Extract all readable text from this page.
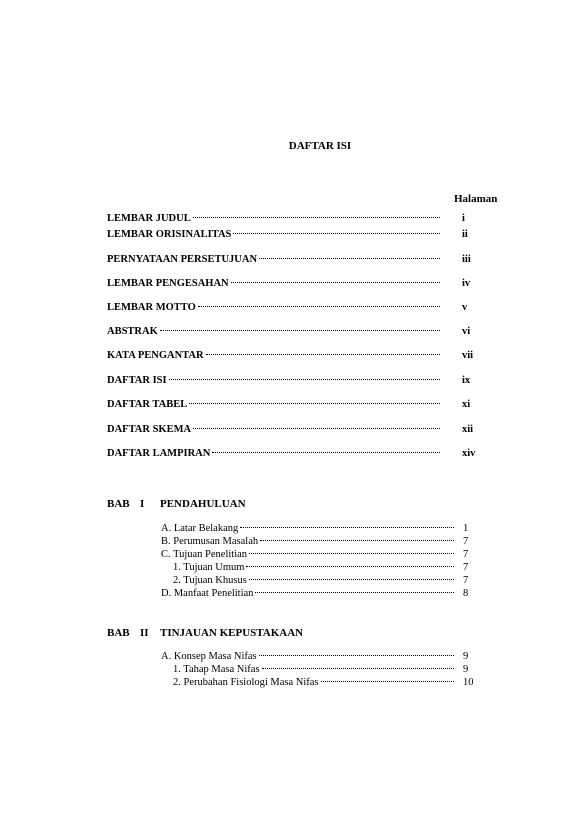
DAFTAR ISI
Halaman
LEMBAR JUDUL	i
LEMBAR ORISINALITAS	ii
PERNYATAAN PERSETUJUAN	iii
LEMBAR PENGESAHAN	iv
LEMBAR MOTTO	v
ABSTRAK	vi
KATA PENGANTAR	vii
DAFTAR ISI	ix
DAFTAR TABEL	xi
DAFTAR SKEMA	xii
DAFTAR LAMPIRAN	xiv
BAB I PENDAHULUAN
A. Latar Belakang	1
B. Perumusan Masalah	7
C. Tujuan Penelitian	7
1. Tujuan Umum	7
2. Tujuan Khusus	7
D. Manfaat Penelitian	8
BAB II TINJAUAN KEPUSTAKAAN
A. Konsep Masa Nifas	9
1. Tahap Masa Nifas	9
2. Perubahan Fisiologi Masa Nifas	10
